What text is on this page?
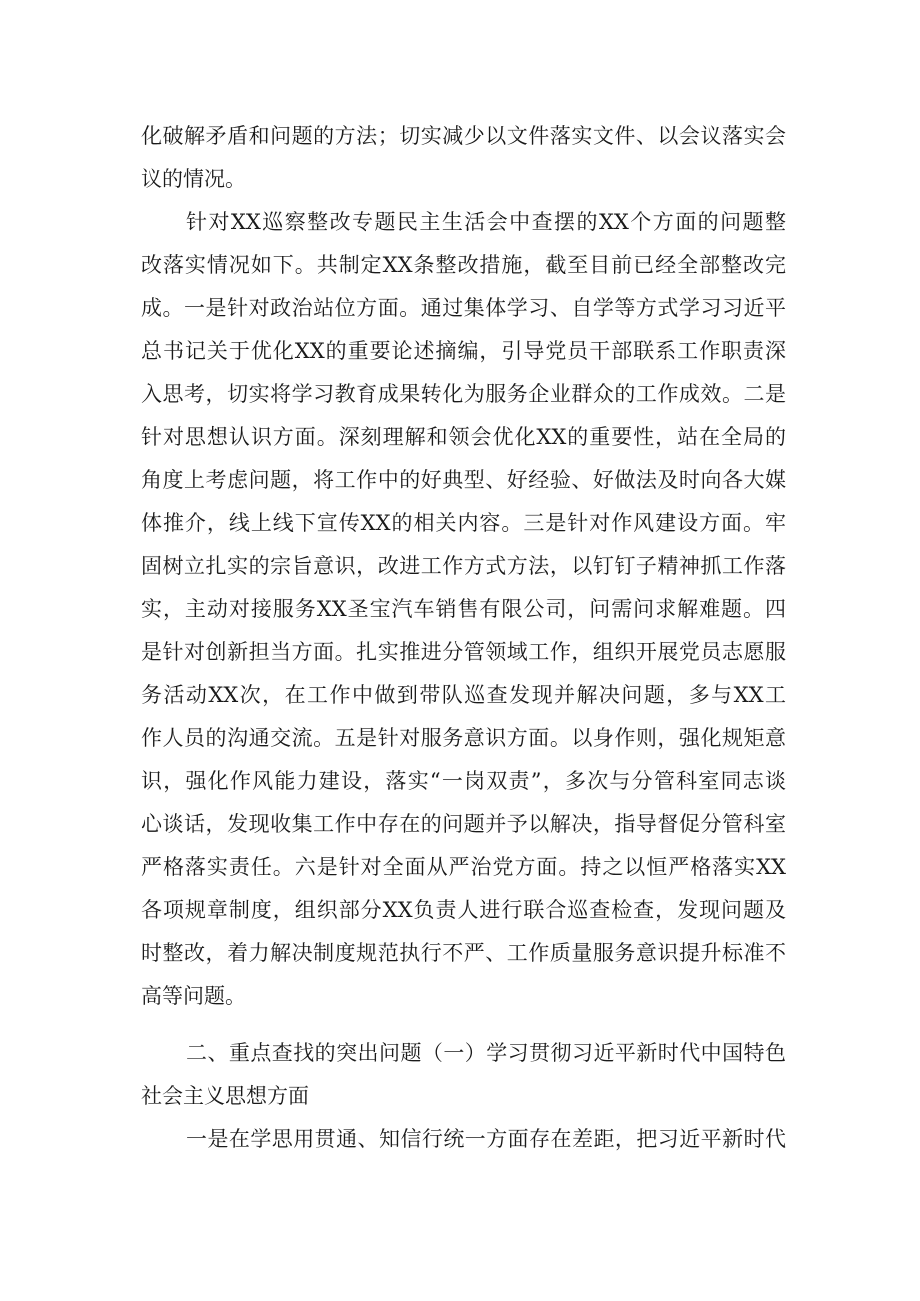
化破解矛盾和问题的方法；切实减少以文件落实文件、以会议落实会
议的情况。
针对XX巡察整改专题民主生活会中查摆的XX个方面的问题整
改落实情况如下。共制定XX条整改措施，截至目前已经全部整改完
成。一是针对政治站位方面。通过集体学习、自学等方式学习习近平
总书记关于优化XX的重要论述摘编，引导党员干部联系工作职责深
入思考，切实将学习教育成果转化为服务企业群众的工作成效。二是
针对思想认识方面。深刻理解和领会优化XX的重要性，站在全局的
角度上考虑问题，将工作中的好典型、好经验、好做法及时向各大媒
体推介，线上线下宣传XX的相关内容。三是针对作风建设方面。牢
固树立扎实的宗旨意识，改进工作方式方法，以钉钉子精神抓工作落
实，主动对接服务XX圣宝汽车销售有限公司，问需问求解难题。四
是针对创新担当方面。扎实推进分管领域工作，组织开展党员志愿服
务活动XX次，在工作中做到带队巡查发现并解决问题，多与XX工
作人员的沟通交流。五是针对服务意识方面。以身作则，强化规矩意
识，强化作风能力建设，落实“一岗双责”，多次与分管科室同志谈
心谈话，发现收集工作中存在的问题并予以解决，指导督促分管科室
严格落实责任。六是针对全面从严治党方面。持之以恒严格落实XX
各项规章制度，组织部分XX负责人进行联合巡查检查，发现问题及
时整改，着力解决制度规范执行不严、工作质量服务意识提升标准不
高等问题。
二、重点查找的突出问题（一）学习贯彻习近平新时代中国特色
社会主义思想方面
一是在学思用贯通、知信行统一方面存在差距，把习近平新时代
